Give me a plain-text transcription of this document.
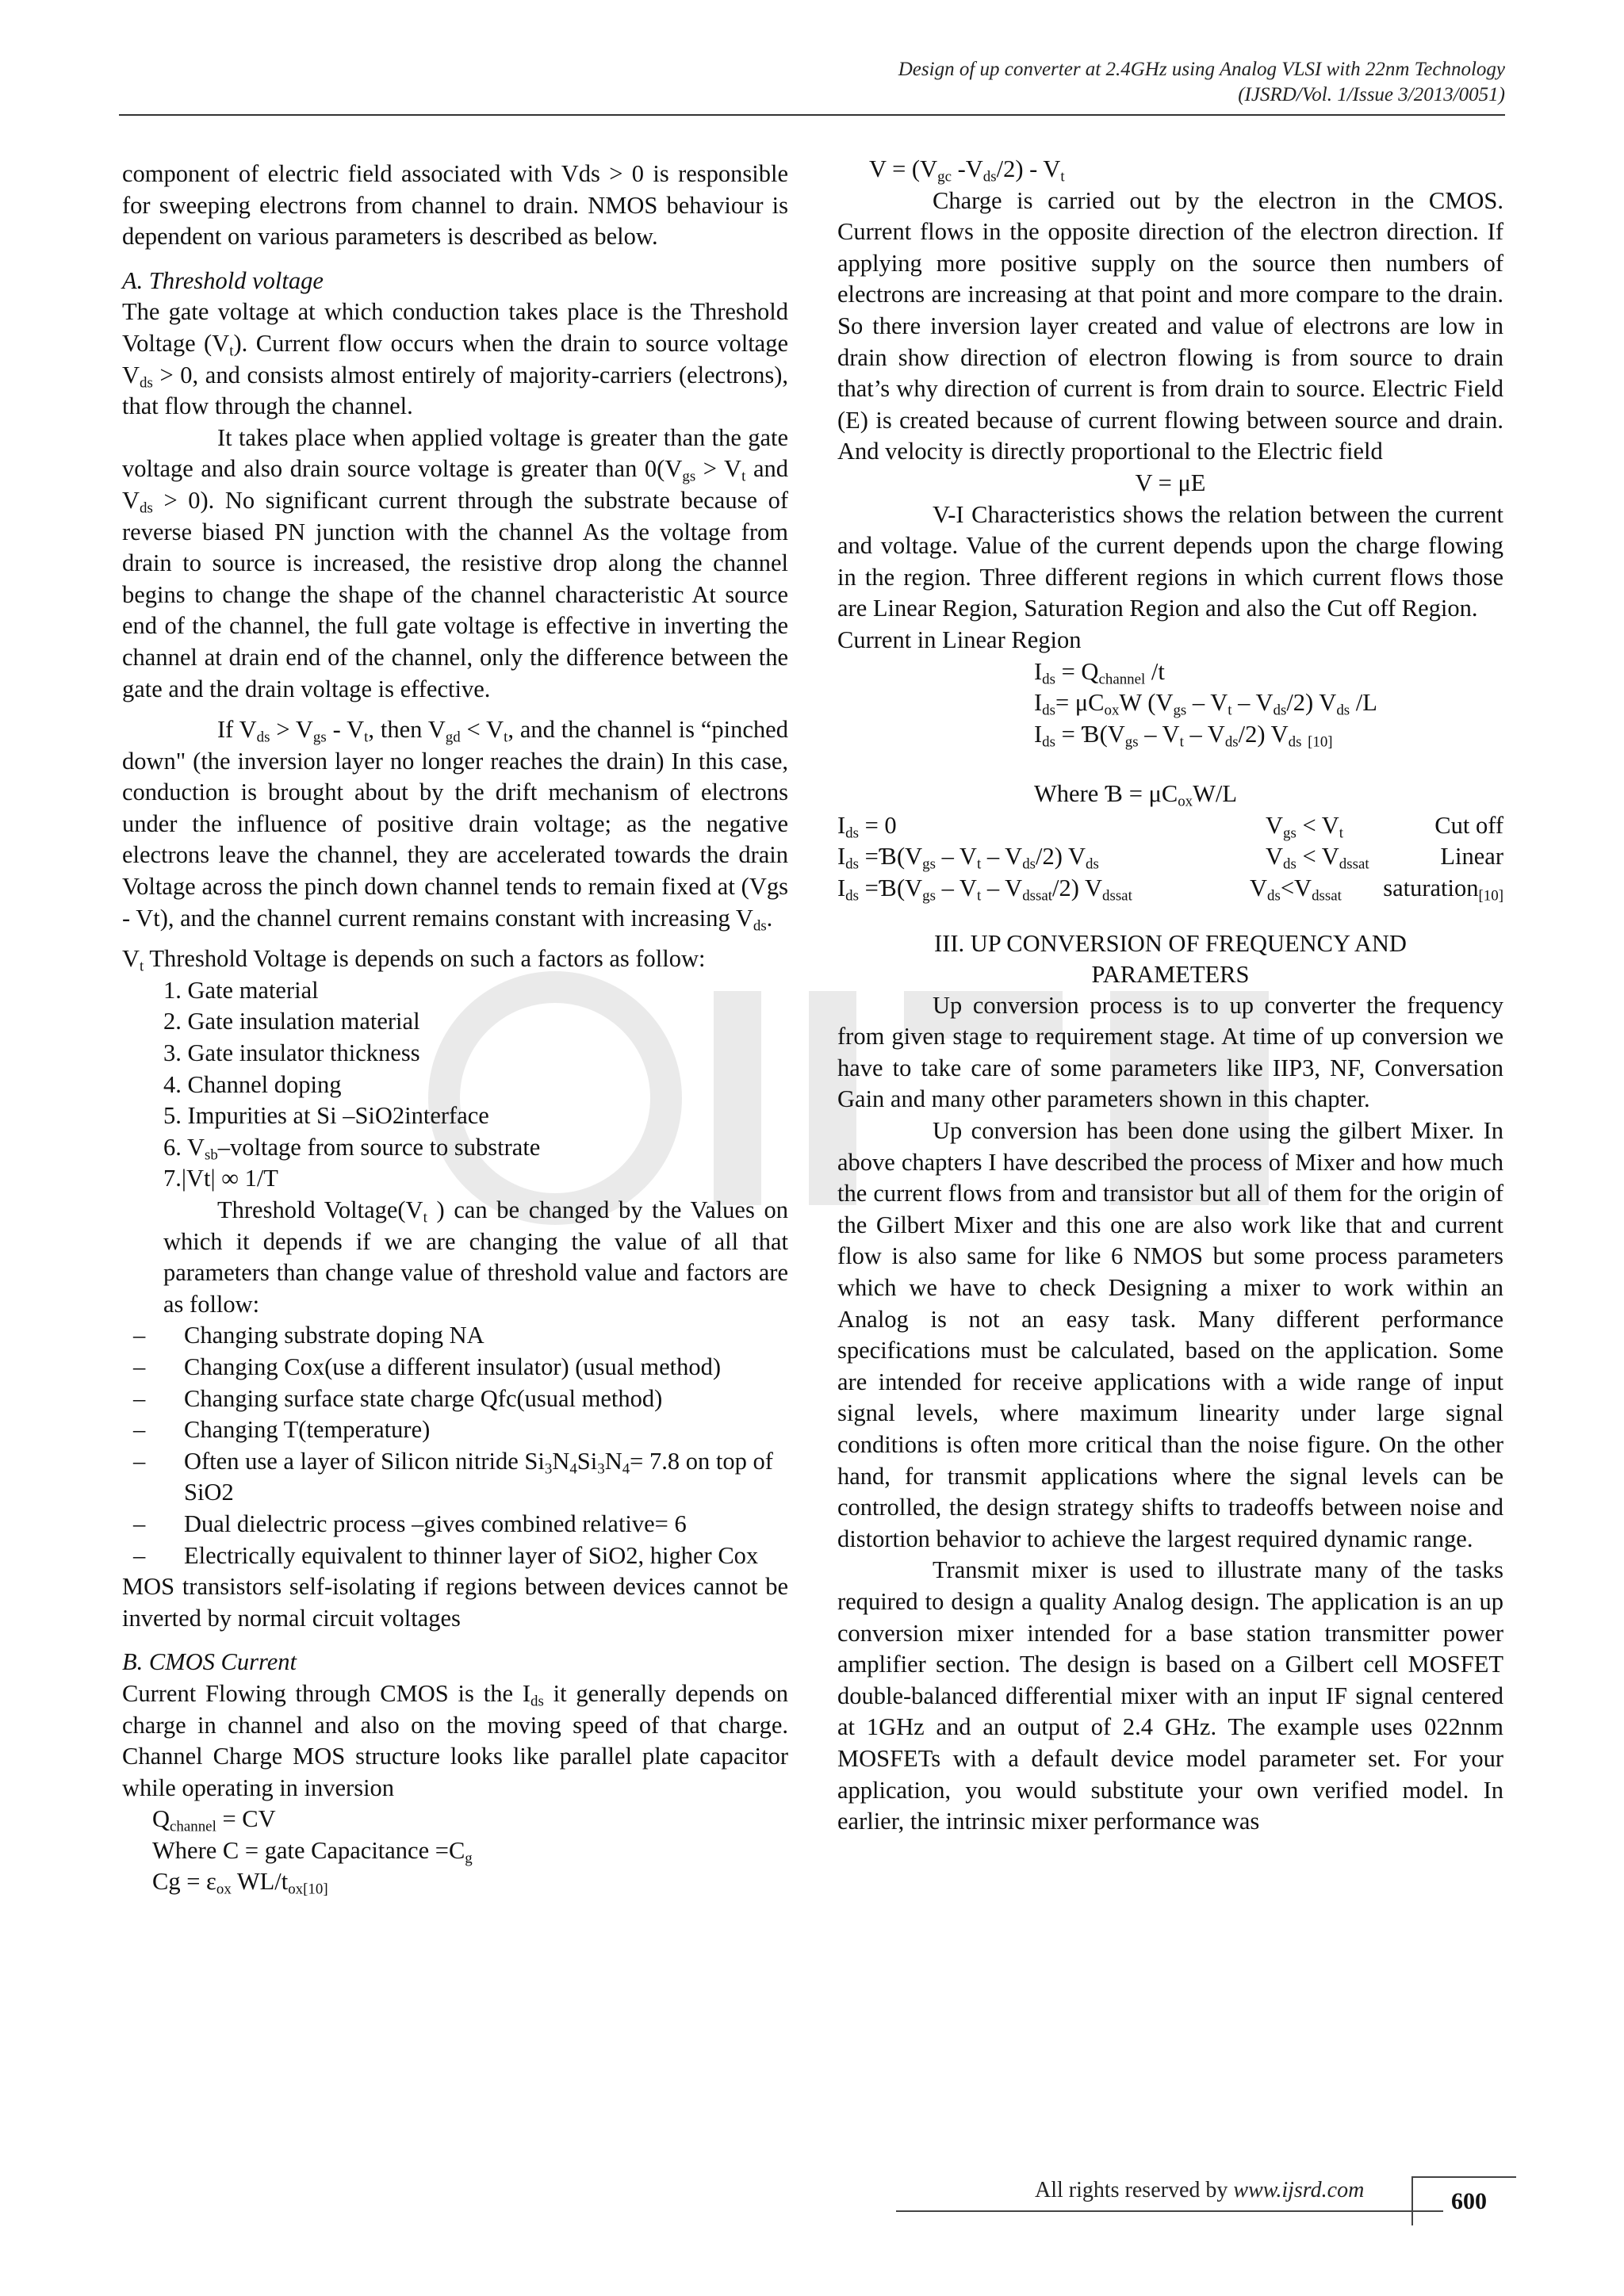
Design of up converter at 2.4GHz using Analog VLSI with 22nm Technology
(IJSRD/Vol. 1/Issue 3/2013/0051)

component of electric field associated with Vds > 0 is responsible for sweeping electrons from channel to drain. NMOS behaviour is dependent on various parameters is described as below.

A. Threshold voltage

The gate voltage at which conduction takes place is the Threshold Voltage $(V_t)$. Current flow occurs when the drain to source voltage $V_{ds} > 0$, and consists almost entirely of majority-carriers (electrons), that flow through the channel.

It takes place when applied voltage is greater than the gate voltage and also drain source voltage is greater than $0(V_{gs} > V_t$ and $V_{ds} > 0$). No significant current through the substrate because of reverse biased PN junction with the channel As the voltage from drain to source is increased, the resistive drop along the channel begins to change the shape of the channel characteristic At source end of the channel, the full gate voltage is effective in inverting the channel at drain end of the channel, only the difference between the gate and the drain voltage is effective.

If $V_{ds} > V_{gs} - V_t$, then $V_{gd} < V_t$, and the channel is “pinched down" (the inversion layer no longer reaches the drain) In this case, conduction is brought about by the drift mechanism of electrons under the influence of positive drain voltage; as the negative electrons leave the channel, they are accelerated towards the drain Voltage across the pinch down channel tends to remain fixed at (Vgs - Vt), and the channel current remains constant with increasing $V_{ds}$.

$V_t$ Threshold Voltage is depends on such a factors as follow:

1. Gate material
2. Gate insulation material
3. Gate insulator thickness
4. Channel doping
5. Impurities at Si –SiO2interface
6. $V_{sb}$–voltage from source to substrate
7.|Vt| ∞ 1/T

Threshold $Voltage(V_t$ ) can be changed by the Values on which it depends if we are changing the value of all that parameters than change value of threshold value and factors are as follow:

– Changing substrate doping NA
– Changing Cox(use a different insulator) (usual method)
– Changing surface state charge Qfc(usual method)
– Changing T(temperature)
– Often use a layer of Silicon nitride $Si_3N_4Si_3N_4= 7.8$ on top of SiO2
– Dual dielectric process –gives combined relative= 6
– Electrically equivalent to thinner layer of SiO2, higher Cox

MOS transistors self-isolating if regions between devices cannot be inverted by normal circuit voltages

B. CMOS Current

Current Flowing through CMOS is the $I_{ds}$ it generally depends on charge in channel and also on the moving speed of that charge. Channel Charge MOS structure looks like parallel plate capacitor while operating in inversion

$Q_{channel}$ = CV

Where C = gate Capacitance $=C_g$

$Cg = \varepsilon_{ox}$ $WL/t_{ox[10]}$

$V = (V_{gc}$ $-V_{ds}/2) - V_t$

Charge is carried out by the electron in the CMOS. Current flows in the opposite direction of the electron direction. If applying more positive supply on the source then numbers of electrons are increasing at that point and more compare to the drain. So there inversion layer created and value of electrons are low in drain show direction of electron flowing is from source to drain that’s why direction of current is from drain to source. Electric Field (E) is created because of current flowing between source and drain. And velocity is directly proportional to the Electric field

V = μE

V-I Characteristics shows the relation between the current and voltage. Value of the current depends upon the charge flowing in the region. Three different regions in which current flows those are Linear Region, Saturation Region and also the Cut off Region.

Current in Linear Region

$I_{ds} = Q_{channel}$ /t

$I_{ds}= \mu C_{ox}W$ $(V_{gs} - V_t - V_{ds}/2)$ $V_{ds}$ /L

$I_{ds}$ = $Ɓ(V_{gs} - V_t - V_{ds}/2)$ $V_{ds}$ $_{[10]}$

Where Ɓ = $\mu C_{ox}W/L$

$I_{ds} = 0$	$V_{gs} < V_t$	Cut off
$I_{ds}$ $=Ɓ(V_{gs} - V_t - V_{ds}/2)$ $V_{ds}$	$V_{ds} < V_{dssat}$	Linear
$I_{ds}$ $=Ɓ(V_{gs} - V_t - V_{dssat}/2)$ $V_{dssat}$	$V_{ds}<V_{dssat}$	saturation$_{[10]}$
III. UP CONVERSION OF FREQUENCY AND
PARAMETERS

Up conversion process is to up converter the frequency from given stage to requirement stage. At time of up conversion we have to take care of some parameters like IIP3, NF, Conversation Gain and many other parameters shown in this chapter.

Up conversion has been done using the gilbert Mixer. In above chapters I have described the process of Mixer and how much the current flows from and transistor but all of them for the origin of the Gilbert Mixer and this one are also work like that and current flow is also same for like 6 NMOS but some process parameters which we have to check Designing a mixer to work within an Analog is not an easy task. Many different performance specifications must be calculated, based on the application. Some are intended for receive applications with a wide range of input signal levels, where maximum linearity under large signal conditions is often more critical than the noise figure. On the other hand, for transmit applications where the signal levels can be controlled, the design strategy shifts to tradeoffs between noise and distortion behavior to achieve the largest required dynamic range.

Transmit mixer is used to illustrate many of the tasks required to design a quality Analog design. The application is an up conversion mixer intended for a base station transmitter power amplifier section. The design is based on a Gilbert cell MOSFET double-balanced differential mixer with an input IF signal centered at 1GHz and an output of 2.4 GHz. The example uses 022nnm MOSFETs with a default device model parameter set. For your application, you would substitute your own verified model. In earlier, the intrinsic mixer performance was

All rights reserved by www.ijsrd.com	600
